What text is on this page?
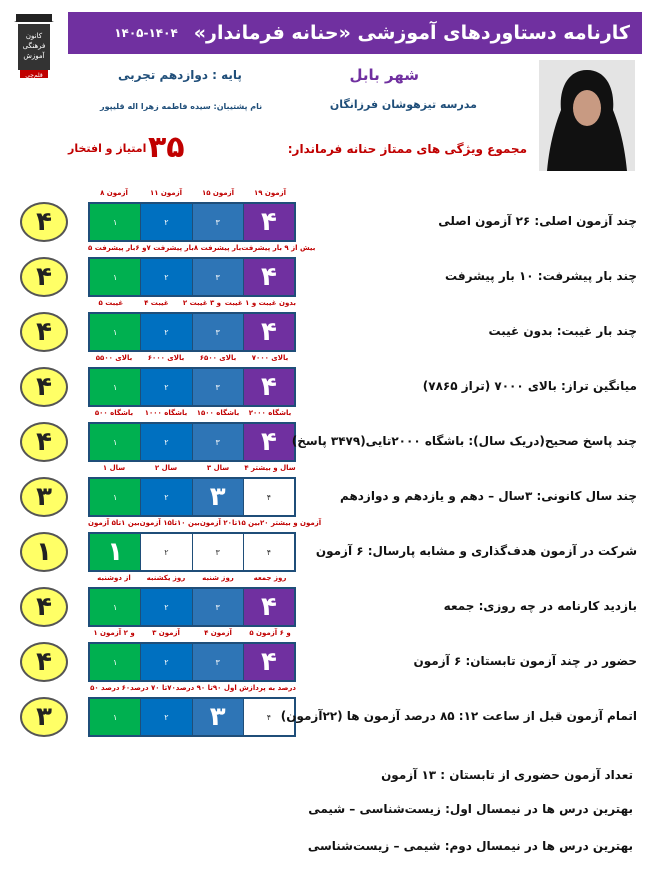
کارنامه دستاوردهای آموزشی «حنانه فرماندار»
۱۴۰۵-۱۴۰۴
کانون
فرهنگی
آموزش
قلم‌چی	شهر بابل
پایه : دوازدهم تجربی
مدرسه تیزهوشان فرزانگان
نام پشتیبان: سیده فاطمه زهرا اله قلیپور
مجموع ویژگی های ممتاز حنانه فرماندار:
۳۵
امتیاز و افتخار
۸ آزمون	۱۱ آزمون	۱۵ آزمون	۱۹ آزمون
۱	۲	۳	۴
۴	چند آزمون اصلی: ۲۶ آزمون اصلی
۵ و ۶بار پیشرفت ۷ بار پیشرفت ۸ بار پیشرفت بیش از ۹ بار پیشرفت
۱	۲	۳	۴
۴	چند بار پیشرفت: ۱۰ بار پیشرفت
۵ غیبت	۴ غیبت	۲ و ۳ غیبت بدون غیبت و ۱ غیبت
۱	۲	۳	۴
۴	چند بار غیبت: بدون غیبت
بالای ۵۵۰۰	بالای ۶۰۰۰	بالای ۶۵۰۰	بالای ۷۰۰۰
۱	۲	۳	۴
۴	میانگین تراز: بالای ۷۰۰۰ (تراز ۷۸۶۵)
باشگاه ۵۰۰	باشگاه ۱۰۰۰	باشگاه ۱۵۰۰	باشگاه ۲۰۰۰
۱	۲	۳	۴
۴	چند پاسخ صحیح(دریک سال): باشگاه ۲۰۰۰تایی(۳۴۷۹ پاسخ)
۱ سال	۲ سال	۳ سال	۴ سال و بیشتر
۱	۲	۳	۴
۳	چند سال کانونی: ۳سال – دهم و یازدهم و دوازدهم
بین ۱تا۵ آزمون بین ۱۰تا۱۵ آزمون بین ۱۵تا۲۰ آزمون ۲۰ آزمون و بیشتر
۱	۲	۳	۴
۱	شرکت در آزمون هدف‌گذاری و مشابه پارسال: ۶ آزمون
از دوشنبه	روز یکشنبه	روز شنبه	روز جمعه
۱	۲	۳	۴
۴	بازدید کارنامه در چه روزی: جمعه
۱ و ۲ آزمون	۳ آزمون	۴ آزمون	۵ و ۶ آزمون
۱	۲	۳	۴
۴	حضور در چند آزمون تابستان: ۶ آزمون
۵۰ درصد ۶۰تا ۷۰ درصد ۷۰تا ۹۰ درصد ۹۰ درصد به پردازش اول
۱	۲	۳	۴
۳	اتمام آزمون قبل از ساعت ۱۲: ۸۵ درصد آزمون ها (۲۲آزمون)
تعداد آزمون حضوری از تابستان : ۱۳ آزمون
بهترین درس ها در نیمسال اول: زیست‌شناسی – شیمی
بهترین درس ها در نیمسال دوم: شیمی – زیست‌شناسی
